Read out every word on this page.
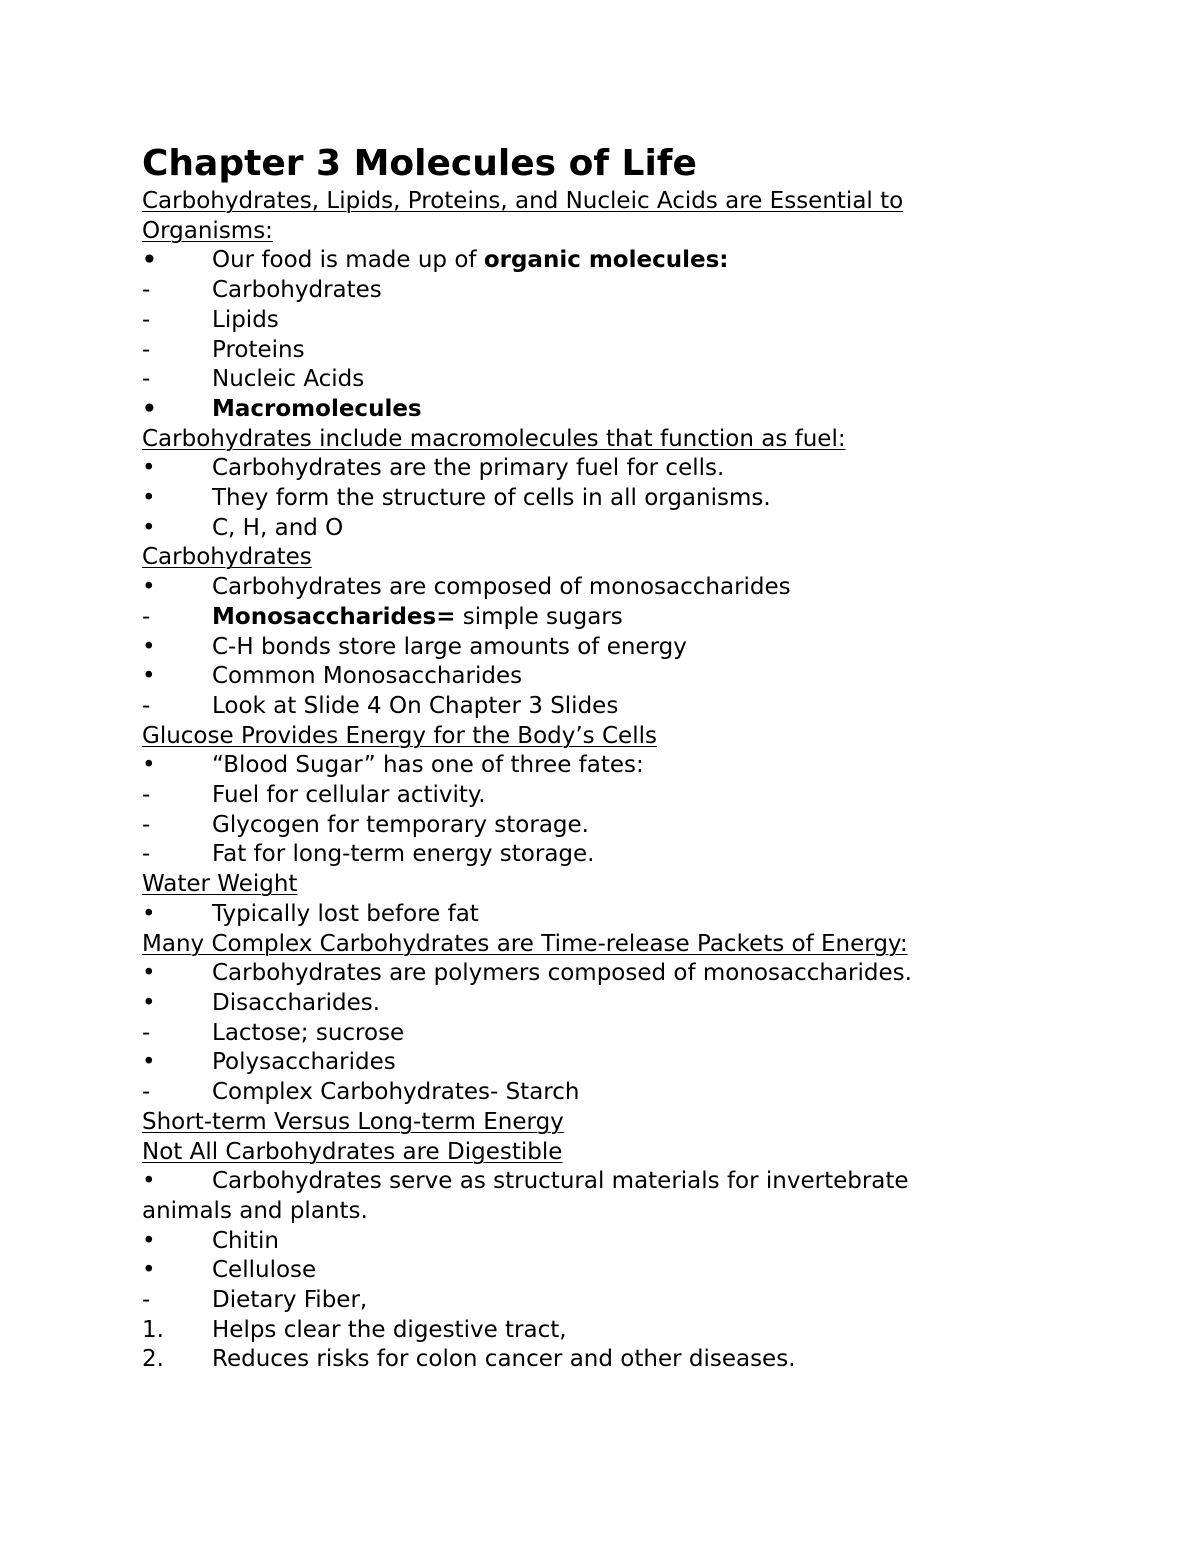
Chapter 3 Molecules of Life

Carbohydrates, Lipids, Proteins, and Nucleic Acids are Essential to
Organisms:

•	Our food is made up of organic molecules:
-	Carbohydrates
-	Lipids
-	Proteins
-	Nucleic Acids
•	Macromolecules

Carbohydrates include macromolecules that function as fuel:

•	Carbohydrates are the primary fuel for cells.
•	They form the structure of cells in all organisms.
•	C, H, and O

Carbohydrates

•	Carbohydrates are composed of monosaccharides
-	Monosaccharides= simple sugars
•	C-H bonds store large amounts of energy
•	Common Monosaccharides
-	Look at Slide 4 On Chapter 3 Slides

Glucose Provides Energy for the Body’s Cells

•	“Blood Sugar” has one of three fates:
-	Fuel for cellular activity.
-	Glycogen for temporary storage.
-	Fat for long-term energy storage.

Water Weight

•	Typically lost before fat

Many Complex Carbohydrates are Time-release Packets of Energy:

•	Carbohydrates are polymers composed of monosaccharides.
•	Disaccharides.
-	Lactose; sucrose
•	Polysaccharides
-	Complex Carbohydrates- Starch

Short-term Versus Long-term Energy

Not All Carbohydrates are Digestible

• Carbohydrates serve as structural materials for invertebrate
animals and plants.
•	Chitin
•	Cellulose
-	Dietary Fiber,
1.	Helps clear the digestive tract,
2.	Reduces risks for colon cancer and other diseases.
